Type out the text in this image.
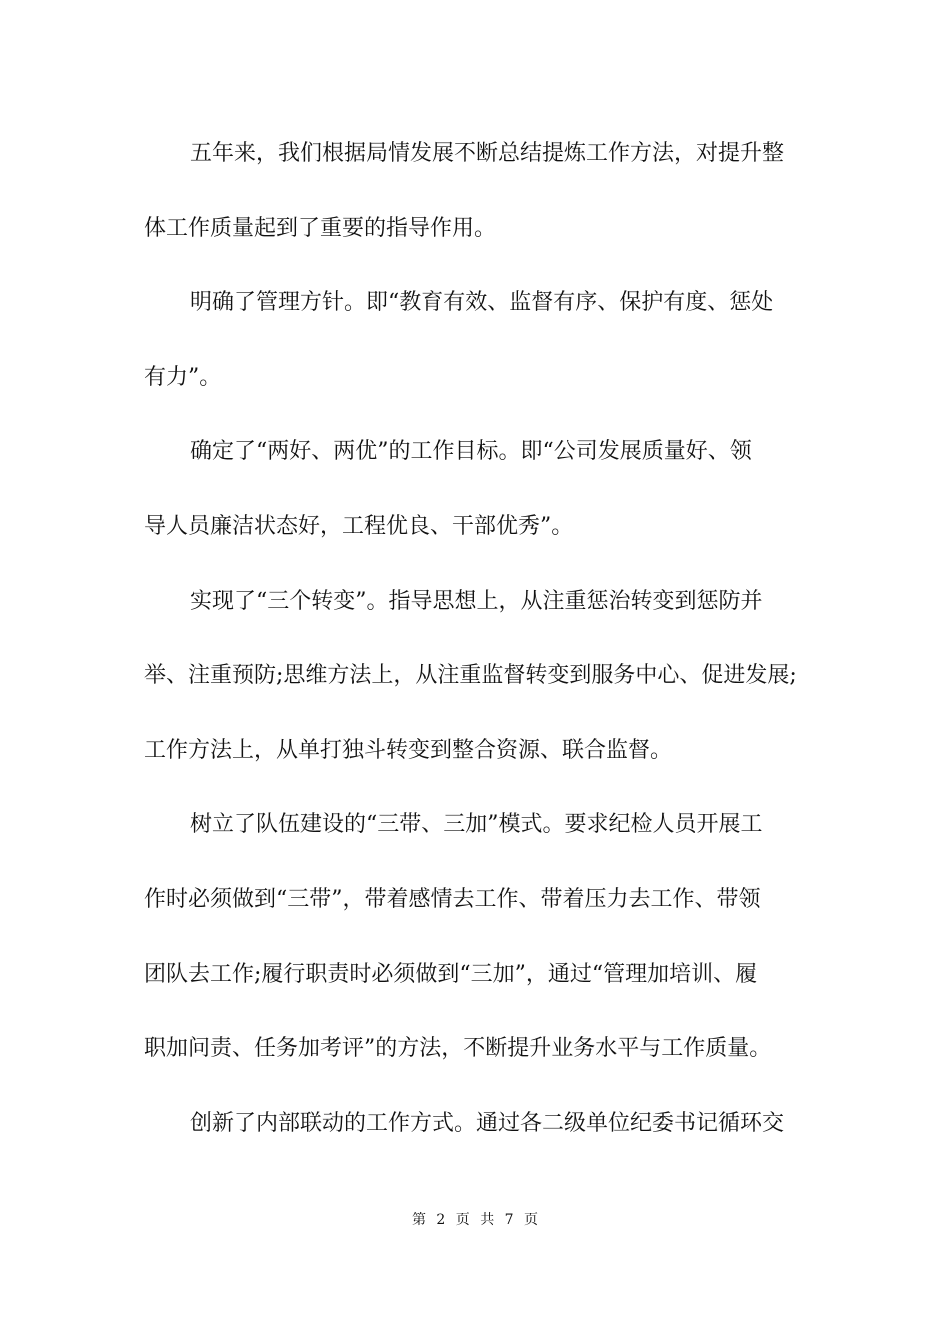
五年来，我们根据局情发展不断总结提炼工作方法，对提升整
体工作质量起到了重要的指导作用。
明确了管理方针。即“教育有效、监督有序、保护有度、惩处
有力”。
确定了“两好、两优”的工作目标。即“公司发展质量好、领
导人员廉洁状态好，工程优良、干部优秀”。
实现了“三个转变”。指导思想上，从注重惩治转变到惩防并
举、注重预防;思维方法上，从注重监督转变到服务中心、促进发展;
工作方法上，从单打独斗转变到整合资源、联合监督。
树立了队伍建设的“三带、三加”模式。要求纪检人员开展工
作时必须做到“三带”，带着感情去工作、带着压力去工作、带领
团队去工作;履行职责时必须做到“三加”，通过“管理加培训、履
职加问责、任务加考评”的方法，不断提升业务水平与工作质量。
创新了内部联动的工作方式。通过各二级单位纪委书记循环交
第 2 页 共 7 页
